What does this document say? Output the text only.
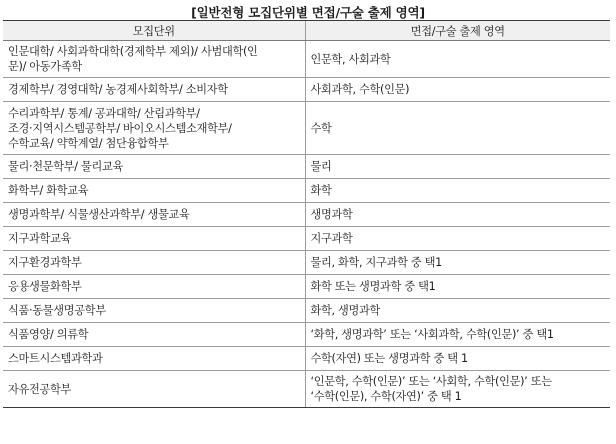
[일반전형 모집단위별 면접/구술 출제 영역]
모집단위	면접/구술 출제 영역

인문대학/ 사회과학대학(경제학부 제외)/ 사범대학(인
문)/ 아동가족학	인문학, 사회과학

경제학부/ 경영대학/ 농경제사회학부/ 소비자학	사회과학, 수학(인문)

수리과학부/ 통계/ 공과대학/ 산림과학부/
조경·지역시스템공학부/ 바이오시스템소재학부/
수학교육/ 약학계열/ 첨단융합학부	수학

물리·천문학부/ 물리교육	물리

화학부/ 화학교육	화학

생명과학부/ 식물생산과학부/ 생물교육	생명과학

지구과학교육	지구과학

지구환경과학부	물리, 화학, 지구과학 중 택1

응용생물화학부	화학 또는 생명과학 중 택1

식품·동물생명공학부	화학, 생명과학

식품영양/ 의류학	‘화학, 생명과학’ 또는 ‘사회과학, 수학(인문)’ 중 택1

스마트시스템과학과	수학(자연) 또는 생명과학 중 택 1

자유전공학부	‘인문학, 수학(인문)’ 또는 ‘사회학, 수학(인문)’ 또는
‘수학(인문), 수학(자연)’ 중 택 1
